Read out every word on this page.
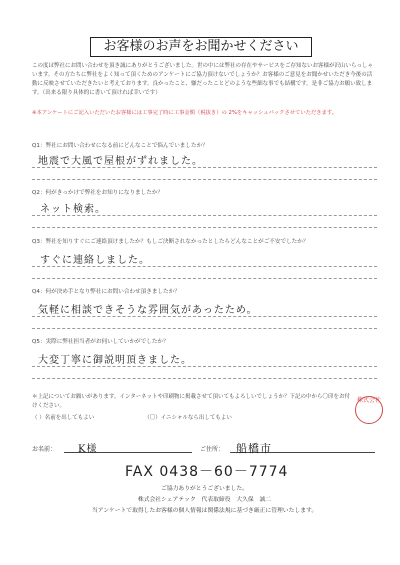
お客様のお声をお聞かせください
この度は弊社にお問い合わせを頂き誠にありがとうございました。世の中には弊社の存在やサービスをご存知ないお客様が沢山いらっしゃいます。その方たちに弊社をよく知って頂くためのアンケートにご協力頂けないでしょうか？お客様のご意見をお聞かせいただき今後の活動に反映させていただきたいと考えております。良かったこと、嫌だったことどのような些細な事でも結構です。是非ご協力お願い致します。（出来る限り具体的に書いて頂ければ幸いです）
※本アンケートにご記入いただいたお客様には工事完了時に工事金額（税抜き）の 2%をキャッシュバックさせていただきます。
Q1：弊社にお問い合わせになる前にどんなことで悩んでいましたか？
地震で大風で屋根がずれました。
Q2：何がきっかけで弊社をお知りになりましたか？
ネット検索。
Q3：弊社を知りすぐにご連絡頂けましたか？もしご決断されなかったとしたらどんなことがご不安でしたか？
すぐに連絡しました。
Q4：何が決め手となり弊社にお問い合わせ頂きましたか？
気軽に相談できそうな雰囲気があったため。
Q5：実際に弊社担当者がお伺いしていかがでしたか？
大変丁寧に御説明頂きました。
＊上記についてお願いがあります。インターネットや印刷物に掲載させて頂いてもよろしいでしょうか？下記の中から〇印をお付けください。
（ ）名前を出してもよい	（〇）イニシャルなら出してもよい
株式会社
お名前：	K様	ご住所：	船橋市
FAX 0438－60－7774
ご協力ありがとうございました。
株式会社シェアテック　代表取締役　大久保　誠二
当アンケートで取得したお客様の個人情報は関係法規に基づき厳正に管理いたします。
